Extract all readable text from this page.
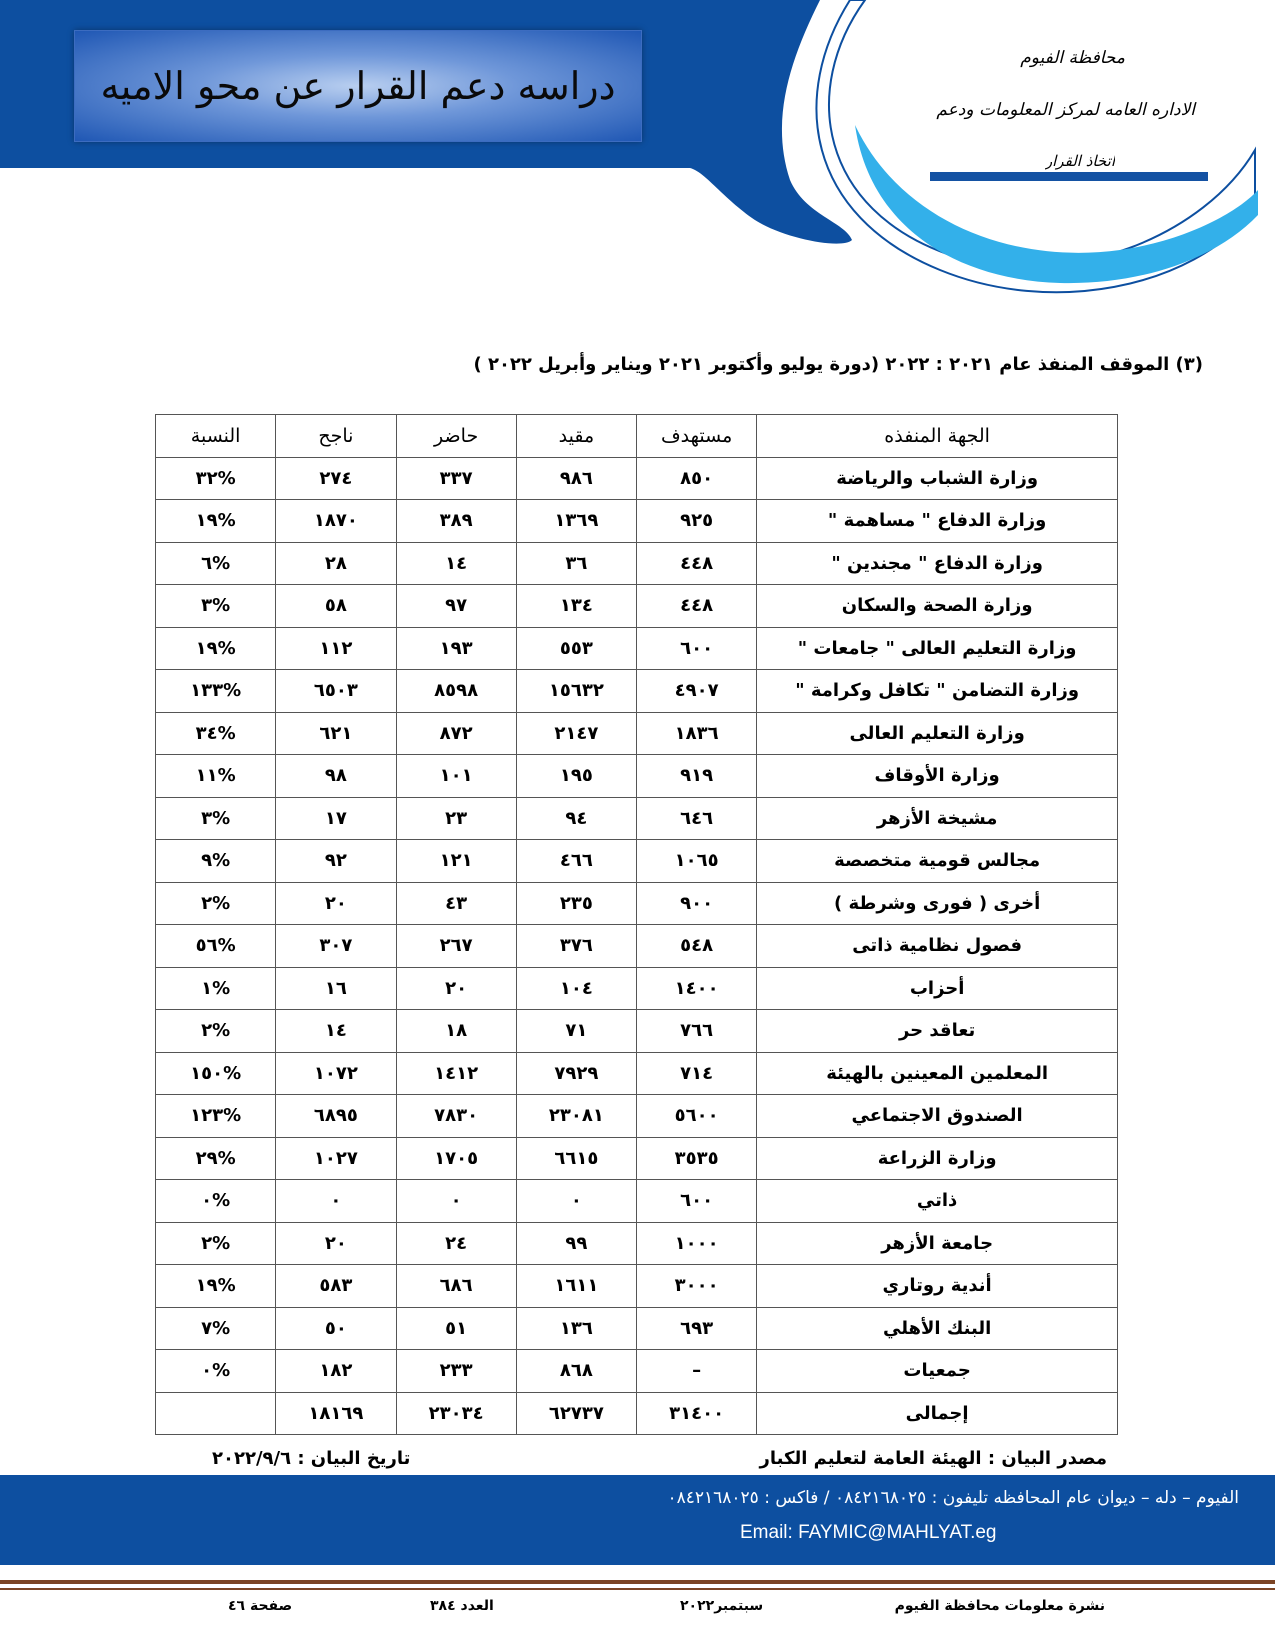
دراسه دعم القرار عن محو الاميه
محافظة الفيوم
الاداره العامه لمركز المعلومات ودعم
اتخاذ القرار
(٣) الموقف المنفذ عام ٢٠٢١ : ٢٠٢٢ (دورة يوليو وأكتوبر ٢٠٢١ ويناير وأبريل ٢٠٢٢ )
الجهة المنفذه	مستهدف	مقيد	حاضر	ناجح	النسبة
وزارة الشباب والرياضة	٨٥٠	٩٨٦	٣٣٧	٢٧٤	%٣٢
وزارة الدفاع " مساهمة "	٩٢٥	١٣٦٩	٣٨٩	١٨٧٠	%١٩
وزارة الدفاع " مجندين "	٤٤٨	٣٦	١٤	٢٨	%٦
وزارة الصحة والسكان	٤٤٨	١٣٤	٩٧	٥٨	%٣
وزارة التعليم العالى " جامعات "	٦٠٠	٥٥٣	١٩٣	١١٢	%١٩
وزارة التضامن " تكافل وكرامة "	٤٩٠٧	١٥٦٣٢	٨٥٩٨	٦٥٠٣	%١٣٣
وزارة التعليم العالى	١٨٣٦	٢١٤٧	٨٧٢	٦٢١	%٣٤
وزارة الأوقاف	٩١٩	١٩٥	١٠١	٩٨	%١١
مشيخة الأزهر	٦٤٦	٩٤	٢٣	١٧	%٣
مجالس قومية متخصصة	١٠٦٥	٤٦٦	١٢١	٩٢	%٩
أخرى ( فورى وشرطة )	٩٠٠	٢٣٥	٤٣	٢٠	%٢
فصول نظامية ذاتى	٥٤٨	٣٧٦	٢٦٧	٣٠٧	%٥٦
أحزاب	١٤٠٠	١٠٤	٢٠	١٦	%١
تعاقد حر	٧٦٦	٧١	١٨	١٤	%٢
المعلمين المعينين بالهيئة	٧١٤	٧٩٢٩	١٤١٢	١٠٧٢	%١٥٠
الصندوق الاجتماعي	٥٦٠٠	٢٣٠٨١	٧٨٣٠	٦٨٩٥	%١٢٣
وزارة الزراعة	٣٥٣٥	٦٦١٥	١٧٠٥	١٠٢٧	%٢٩
ذاتي	٦٠٠	٠	٠	٠	%٠
جامعة الأزهر	١٠٠٠	٩٩	٢٤	٢٠	%٢
أندية روتاري	٣٠٠٠	١٦١١	٦٨٦	٥٨٣	%١٩
البنك الأهلي	٦٩٣	١٣٦	٥١	٥٠	%٧
جمعيات	–	٨٦٨	٢٣٣	١٨٢	%٠
إجمالى	٣١٤٠٠	٦٢٧٣٧	٢٣٠٣٤	١٨١٦٩	
مصدر البيان : الهيئة العامة لتعليم الكبار
تاريخ البيان : ٢٠٢٢/٩/٦
الفيوم – دله – ديوان عام المحافظه تليفون : ٠٨٤٢١٦٨٠٢٥ / فاكس : ٠٨٤٢١٦٨٠٢٥
Email: FAYMIC@MAHLYAT.eg
نشرة معلومات محافظة الفيوم
سبتمبر٢٠٢٢
العدد ٣٨٤
صفحة ٤٦
